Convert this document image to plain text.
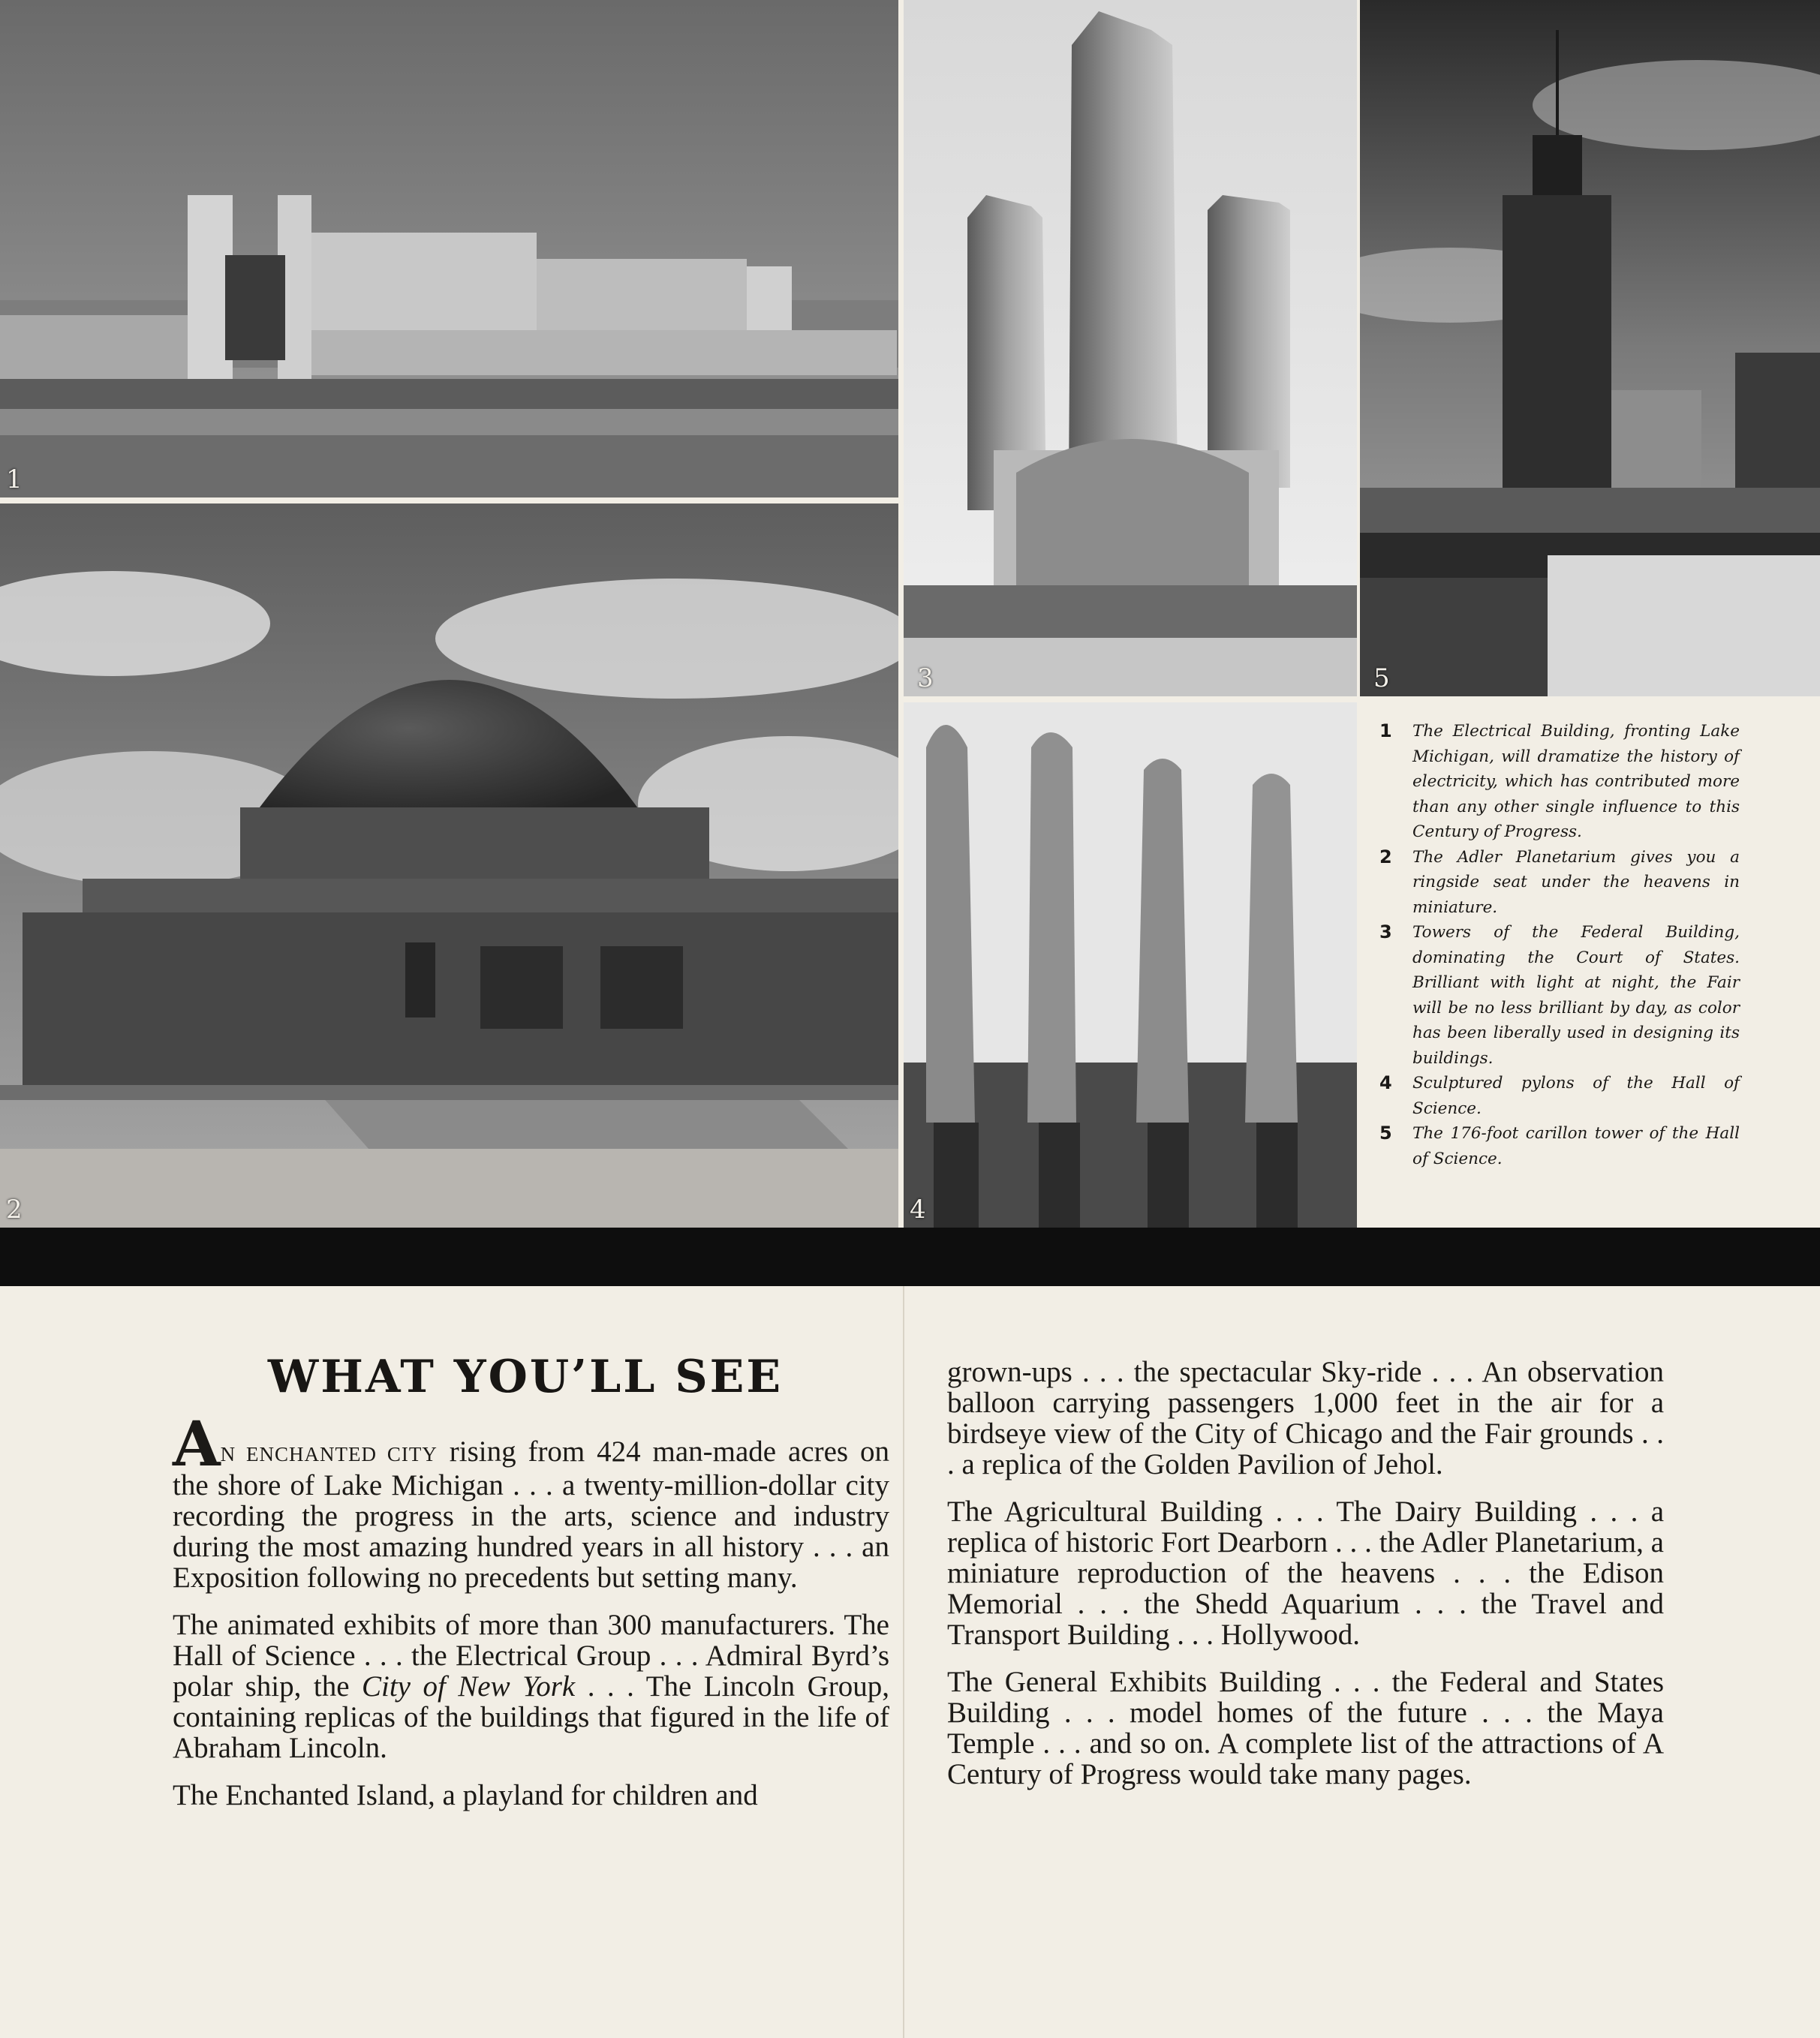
1
2
3	5
4
1	The Electrical Building, fronting Lake Michigan, will dramatize the history of electricity, which has contributed more than any other single influence to this Century of Progress.
2	The Adler Planetarium gives you a ringside seat under the heavens in miniature.
3	Towers of the Federal Building, dominating the Court of States. Brilliant with light at night, the Fair will be no less brilliant by day, as color has been liberally used in designing its buildings.
4	Sculptured pylons of the Hall of Science.
5	The 176-foot carillon tower of the Hall of Science.
WHAT YOU’LL SEE

AN ENCHANTED CITY rising from 424 man-made acres on the shore of Lake Michigan . . . a twenty-million-dollar city recording the progress in the arts, science and industry during the most amazing hundred years in all history . . . an Exposition following no precedents but setting many.

The animated exhibits of more than 300 manufacturers. The Hall of Science . . . the Electrical Group . . . Admiral Byrd’s polar ship, the City of New York . . . The Lincoln Group, containing replicas of the buildings that figured in the life of Abraham Lincoln.

The Enchanted Island, a playland for children and

grown-ups . . . the spectacular Sky-ride . . . An observation balloon carrying passengers 1,000 feet in the air for a birdseye view of the City of Chicago and the Fair grounds . . . a replica of the Golden Pavilion of Jehol.

The Agricultural Building . . . The Dairy Building . . . a replica of historic Fort Dearborn . . . the Adler Planetarium, a miniature reproduction of the heavens . . . the Edison Memorial . . . the Shedd Aquarium . . . the Travel and Transport Building . . . Hollywood.

The General Exhibits Building . . . the Federal and States Building . . . model homes of the future . . . the Maya Temple . . . and so on. A complete list of the attractions of A Century of Progress would take many pages.
